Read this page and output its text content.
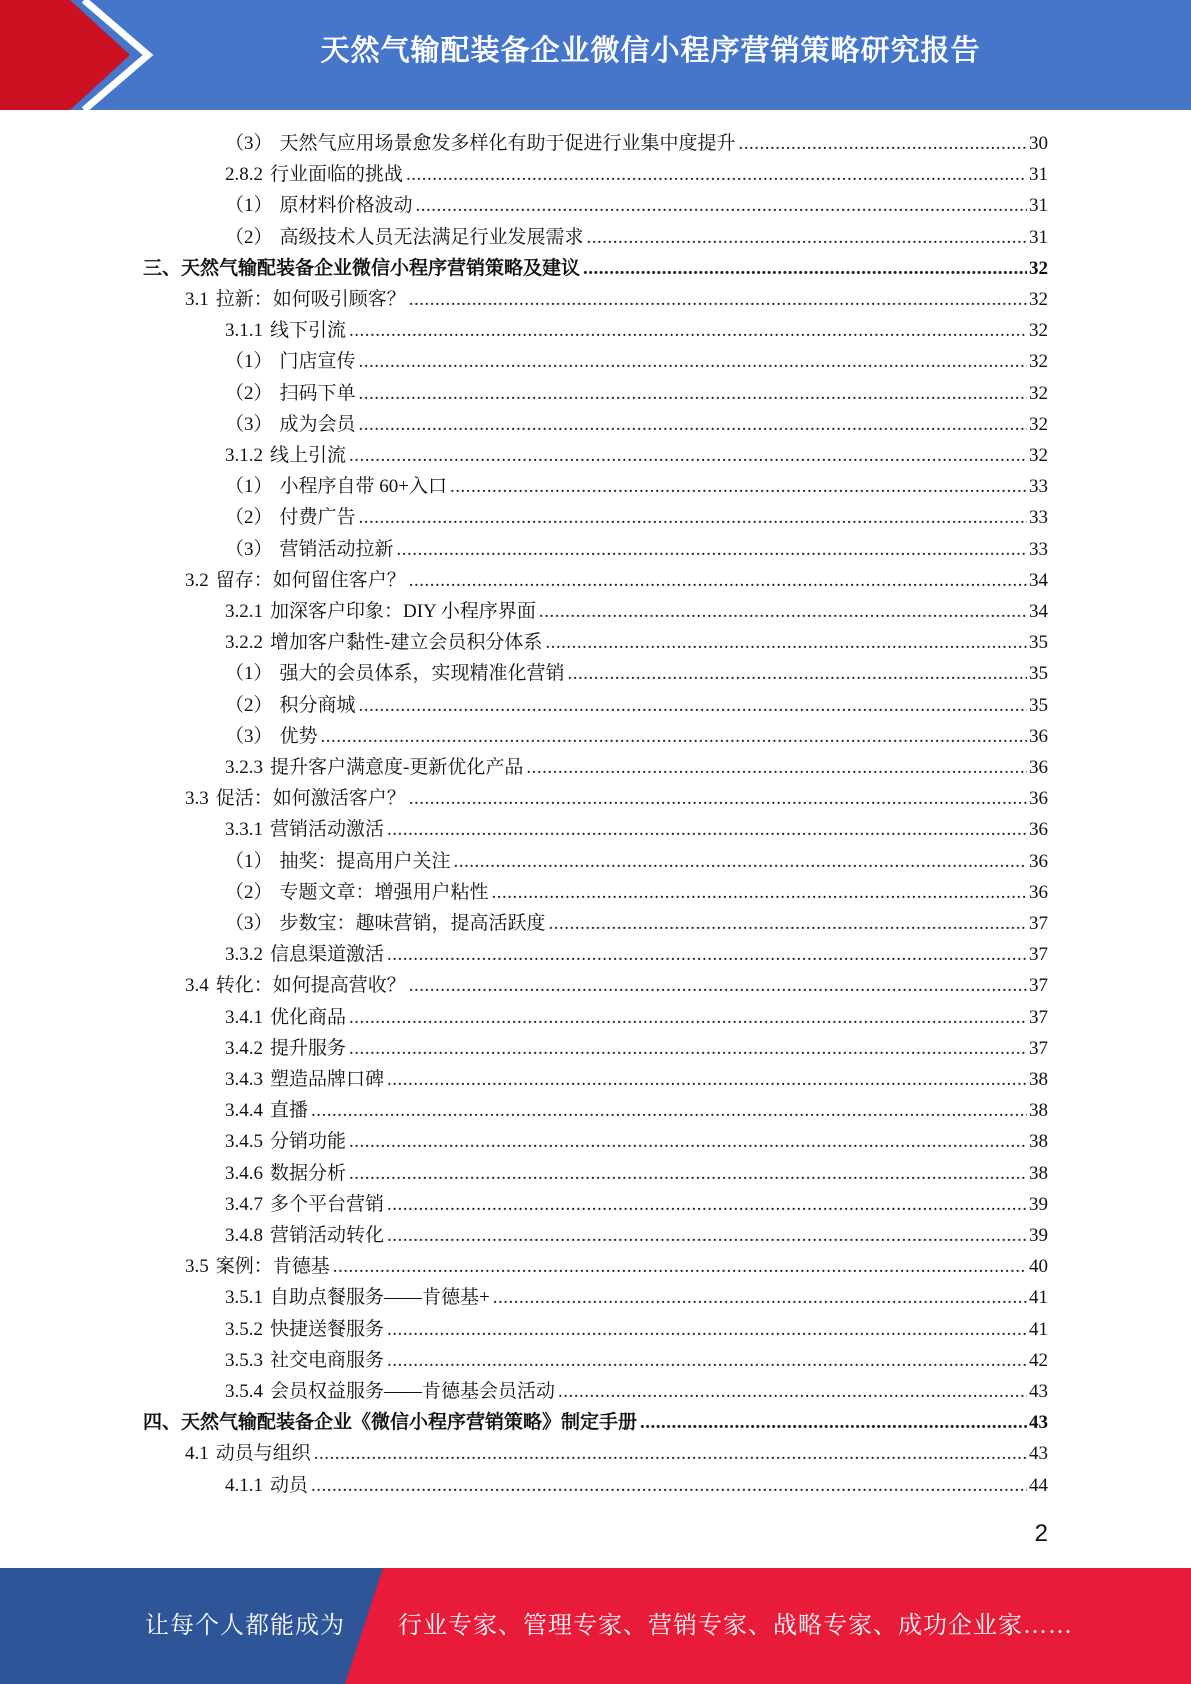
天然气输配装备企业微信小程序营销策略研究报告
（3） 天然气应用场景愈发多样化有助于促进行业集中度提升 .....	30
2.8.2 行业面临的挑战 .....	31
（1） 原材料价格波动 .....	31
（2） 高级技术人员无法满足行业发展需求 .....	31
三、天然气输配装备企业微信小程序营销策略及建议 .....	32
3.1 拉新：如何吸引顾客？ .....	32
3.1.1 线下引流 .....	32
（1） 门店宣传 .....	32
（2） 扫码下单 .....	32
（3） 成为会员 .....	32
3.1.2 线上引流 .....	32
（1） 小程序自带 60+入口 .....	33
（2） 付费广告 .....	33
（3） 营销活动拉新 .....	33
3.2 留存：如何留住客户？ .....	34
3.2.1 加深客户印象：DIY 小程序界面 .....	34
3.2.2 增加客户黏性-建立会员积分体系 .....	35
（1） 强大的会员体系，实现精准化营销 .....	35
（2） 积分商城 .....	35
（3） 优势 .....	36
3.2.3 提升客户满意度-更新优化产品 .....	36
3.3 促活：如何激活客户？ .....	36
3.3.1 营销活动激活 .....	36
（1） 抽奖：提高用户关注 .....	36
（2） 专题文章：增强用户粘性 .....	36
（3） 步数宝：趣味营销，提高活跃度 .....	37
3.3.2 信息渠道激活 .....	37
3.4 转化：如何提高营收？ .....	37
3.4.1 优化商品 .....	37
3.4.2 提升服务 .....	37
3.4.3 塑造品牌口碑 .....	38
3.4.4 直播 .....	38
3.4.5 分销功能 .....	38
3.4.6 数据分析 .....	38
3.4.7 多个平台营销 .....	39
3.4.8 营销活动转化 .....	39
3.5 案例：肯德基 .....	40
3.5.1 自助点餐服务——肯德基+ .....	41
3.5.2 快捷送餐服务 .....	41
3.5.3 社交电商服务 .....	42
3.5.4 会员权益服务——肯德基会员活动 .....	43
四、天然气输配装备企业《微信小程序营销策略》制定手册 .....	43
4.1 动员与组织 .....	43
4.1.1 动员 .....	44
2
让每个人都能成为 行业专家、管理专家、营销专家、战略专家、成功企业家……
